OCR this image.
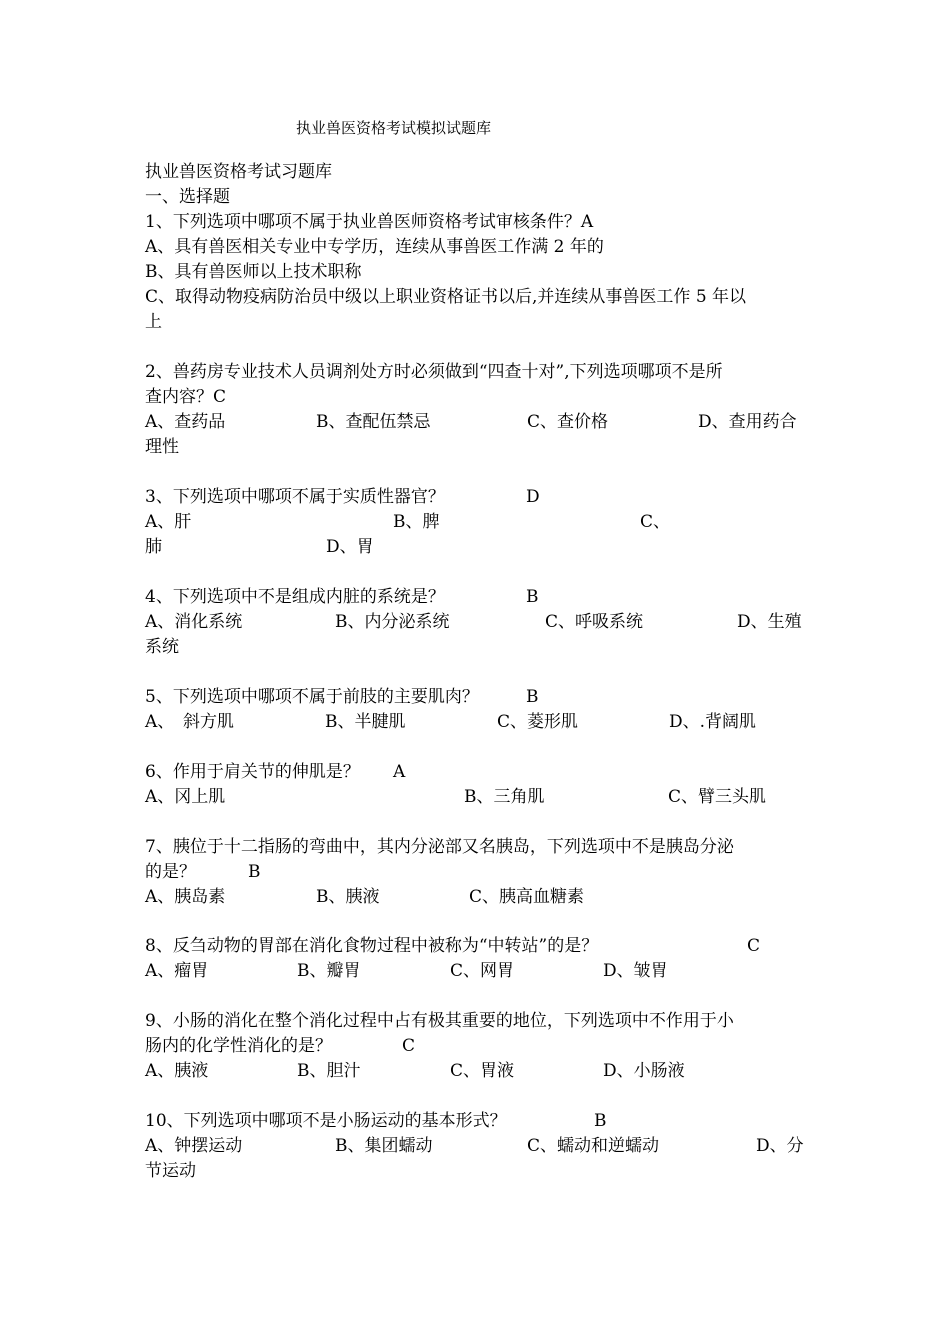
执业兽医资格考试模拟试题库
执业兽医资格考试习题库
一、选择题
1、下列选项中哪项不属于执业兽医师资格考试审核条件？A
A、具有兽医相关专业中专学历，连续从事兽医工作满 2 年的
B、具有兽医师以上技术职称
C、取得动物疫病防治员中级以上职业资格证书以后,并连续从事兽医工作 5 年以
上
2、兽药房专业技术人员调剂处方时必须做到“四查十对”,下列选项哪项不是所
查内容？C
A、查药品	B、查配伍禁忌	C、查价格	D、查用药合
理性
3、下列选项中哪项不属于实质性器官？	D
A、肝	B、脾	C、
肺	D、胃
4、下列选项中不是组成内脏的系统是？	B
A、消化系统	B、内分泌系统	C、呼吸系统	D、生殖
系统
5、下列选项中哪项不属于前肢的主要肌肉？	B
A、 斜方肌	B、半腱肌	C、菱形肌	D、.背阔肌
6、作用于肩关节的伸肌是？ A
A、冈上肌	B、三角肌	C、臂三头肌
7、胰位于十二指肠的弯曲中，其内分泌部又名胰岛，下列选项中不是胰岛分泌
的是？	B
A、胰岛素	B、胰液	C、胰高血糖素
8、反刍动物的胃部在消化食物过程中被称为“中转站”的是？	C
A、瘤胃	B、瓣胃	C、网胃	D、皱胃
9、小肠的消化在整个消化过程中占有极其重要的地位，下列选项中不作用于小
肠内的化学性消化的是？	C
A、胰液	B、胆汁	C、胃液	D、小肠液
10、下列选项中哪项不是小肠运动的基本形式？	B
A、钟摆运动	B、集团蠕动	C、蠕动和逆蠕动	D、分
节运动
